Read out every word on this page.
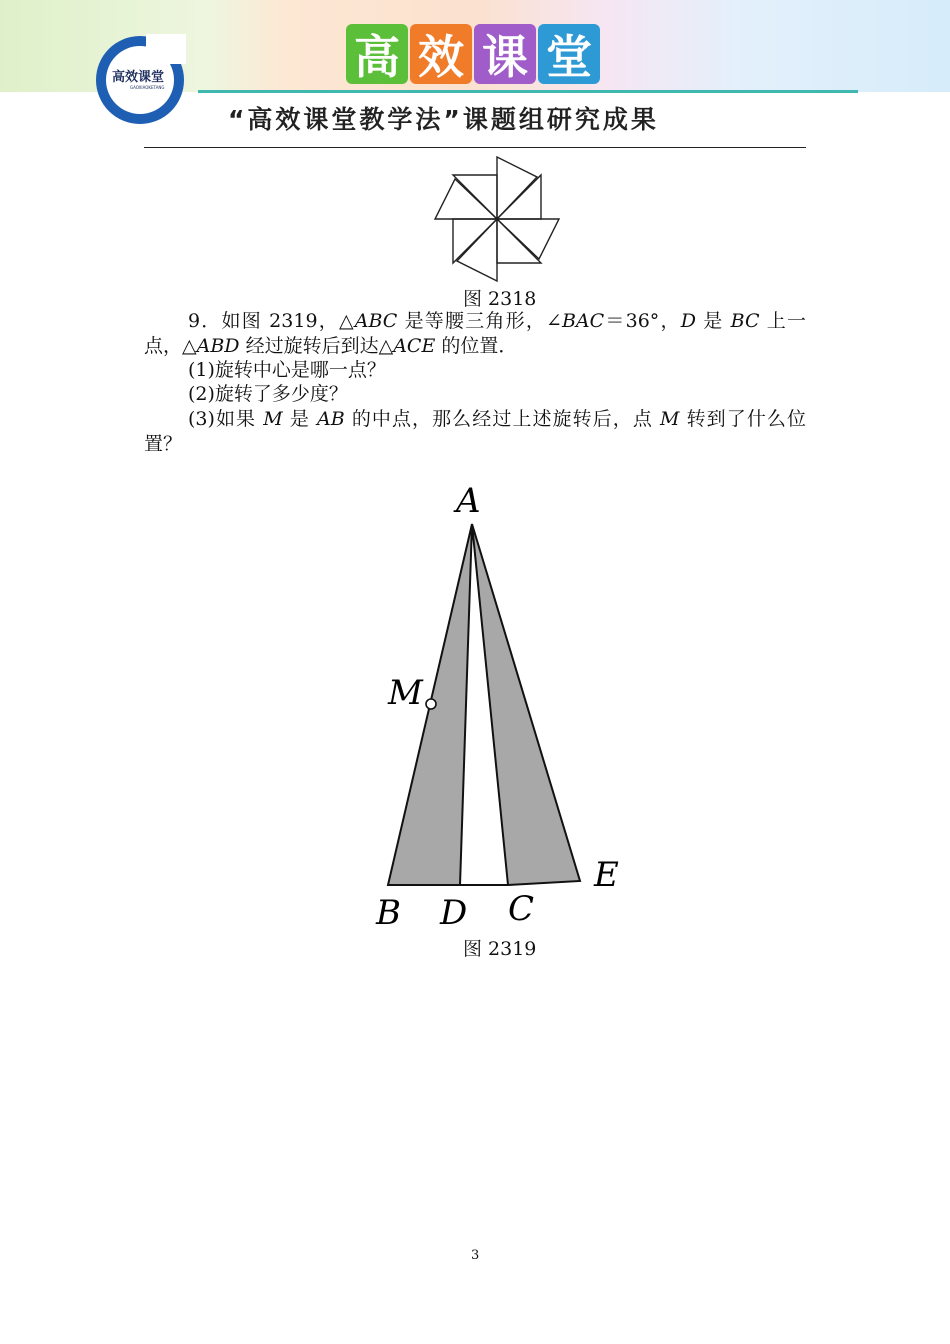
高效课堂
GAOXIAOKETANG
高 效 课 堂
“高效课堂教学法”课题组研究成果
图 2318
9．如图 2319，△ABC 是等腰三角形，∠BAC＝36°，D 是 BC 上一点，△ABD 经过旋转后到达△ACE 的位置．
(1)旋转中心是哪一点？
(2)旋转了多少度？
(3)如果 M 是 AB 的中点，那么经过上述旋转后，点 M 转到了什么位置？
A
M
B D C
E
图 2319
3
